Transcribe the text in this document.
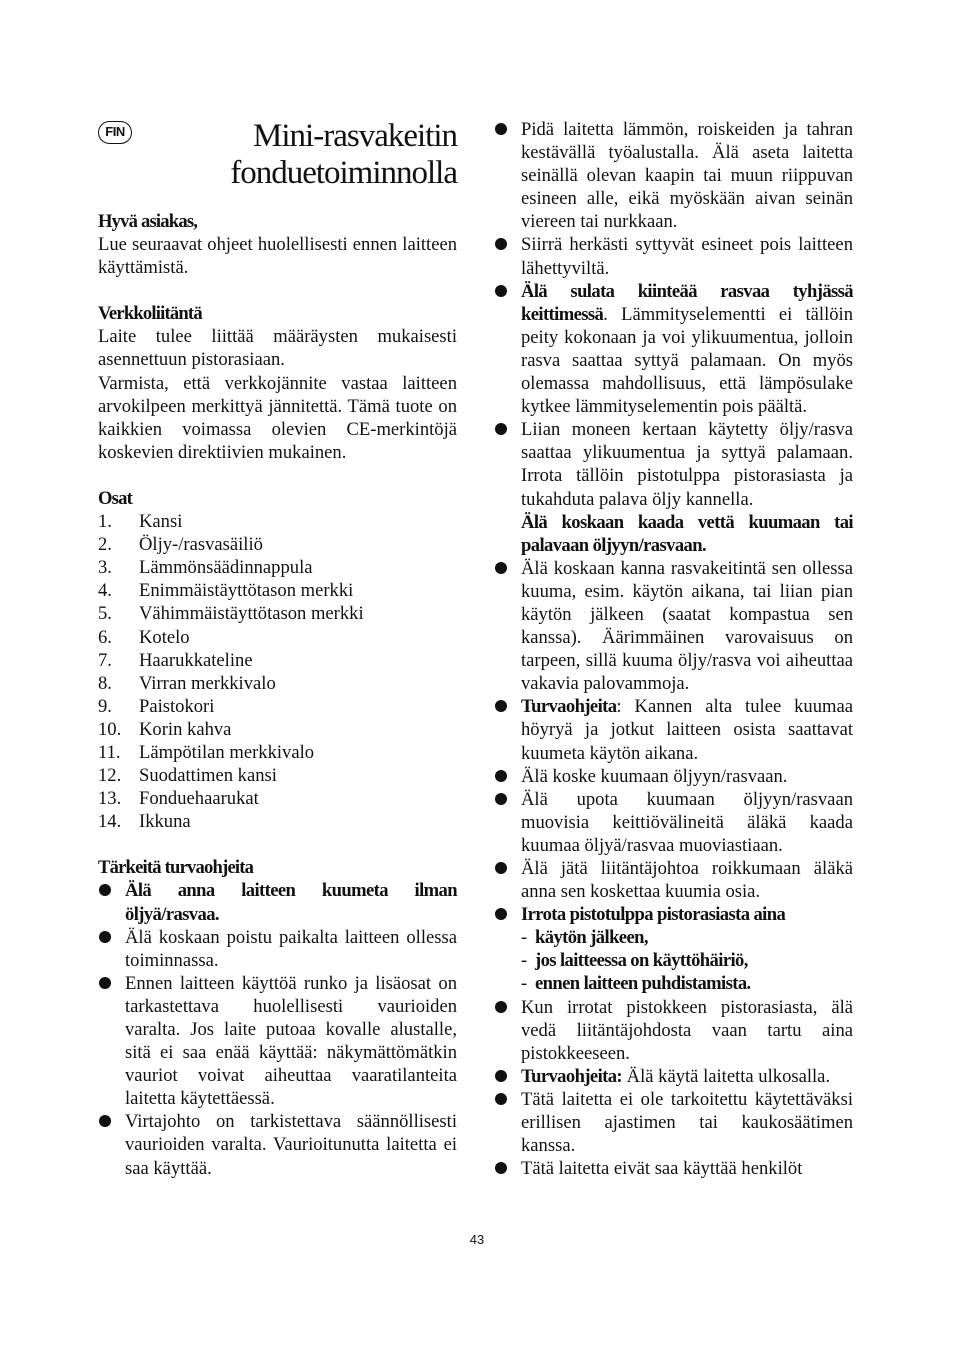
FIN	Mini-rasvakeitin
fonduetoiminnolla
Hyvä asiakas,

Lue seuraavat ohjeet huolellisesti ennen laitteen käyttämistä.

Verkkoliitäntä

Laite tulee liittää määräysten mukaisesti asennettuun pistorasiaan.

Varmista, että verkkojännite vastaa laitteen arvokilpeen merkittyä jännitettä. Tämä tuote on kaikkien voimassa olevien CE-merkintöjä koskevien direktiivien mukainen.

Osat
1.	Kansi
2.	Öljy-/rasvasäiliö
3.	Lämmönsäädinnappula
4.	Enimmäistäyttötason merkki
5.	Vähimmäistäyttötason merkki
6.	Kotelo
7.	Haarukkateline
8.	Virran merkkivalo
9.	Paistokori
10. Korin kahva
11. Lämpötilan merkkivalo
12. Suodattimen kansi
13. Fonduehaarukat
14. Ikkuna
Tärkeitä turvaohjeita
Älä anna laitteen kuumeta ilman öljyä/rasvaa.
Älä koskaan poistu paikalta laitteen ollessa toiminnassa.
Ennen laitteen käyttöä runko ja lisäosat on tarkastettava huolellisesti vaurioiden varalta. Jos laite putoaa kovalle alustalle, sitä ei saa enää käyttää: näkymättömätkin vauriot voivat aiheuttaa vaaratilanteita laitetta käytettäessä.
Virtajohto on tarkistettava säännöllisesti vaurioiden varalta. Vaurioitunutta laitetta ei saa käyttää.
Pidä laitetta lämmön, roiskeiden ja tahran kestävällä työalustalla. Älä aseta laitetta seinällä olevan kaapin tai muun riippuvan esineen alle, eikä myöskään aivan seinän viereen tai nurkkaan.
Siirrä herkästi syttyvät esineet pois laitteen lähettyviltä.
Älä sulata kiinteää rasvaa tyhjässä keittimessä. Lämmityselementti ei tällöin peity kokonaan ja voi ylikuumentua, jolloin rasva saattaa syttyä palamaan. On myös olemassa mahdollisuus, että lämpösulake kytkee lämmityselementin pois päältä.
Liian moneen kertaan käytetty öljy/rasva saattaa ylikuumentua ja syttyä palamaan. Irrota tällöin pistotulppa pistorasiasta ja tukahduta palava öljy kannella.
Älä koskaan kaada vettä kuumaan tai palavaan öljyyn/rasvaan.
Älä koskaan kanna rasvakeitintä sen ollessa kuuma, esim. käytön aikana, tai liian pian käytön jälkeen (saatat kompastua sen kanssa). Äärimmäinen varovaisuus on tarpeen, sillä kuuma öljy/rasva voi aiheuttaa vakavia palovammoja.
Turvaohjeita: Kannen alta tulee kuumaa höyryä ja jotkut laitteen osista saattavat kuumeta käytön aikana.
Älä koske kuumaan öljyyn/rasvaan.
Älä upota kuumaan öljyyn/rasvaan muovisia keittiövälineitä äläkä kaada kuumaa öljyä/rasvaa muoviastiaan.
Älä jätä liitäntäjohtoa roikkumaan äläkä anna sen koskettaa kuumia osia.
Irrota pistotulppa pistorasiasta aina
- käytön jälkeen,
- jos laitteessa on käyttöhäiriö,
- ennen laitteen puhdistamista.
Kun irrotat pistokkeen pistorasiasta, älä vedä liitäntäjohdosta vaan tartu aina pistokkeeseen.
Turvaohjeita: Älä käytä laitetta ulkosalla.
Tätä laitetta ei ole tarkoitettu käytettäväksi erillisen ajastimen tai kaukosäätimen kanssa.
Tätä laitetta eivät saa käyttää henkilöt
43
